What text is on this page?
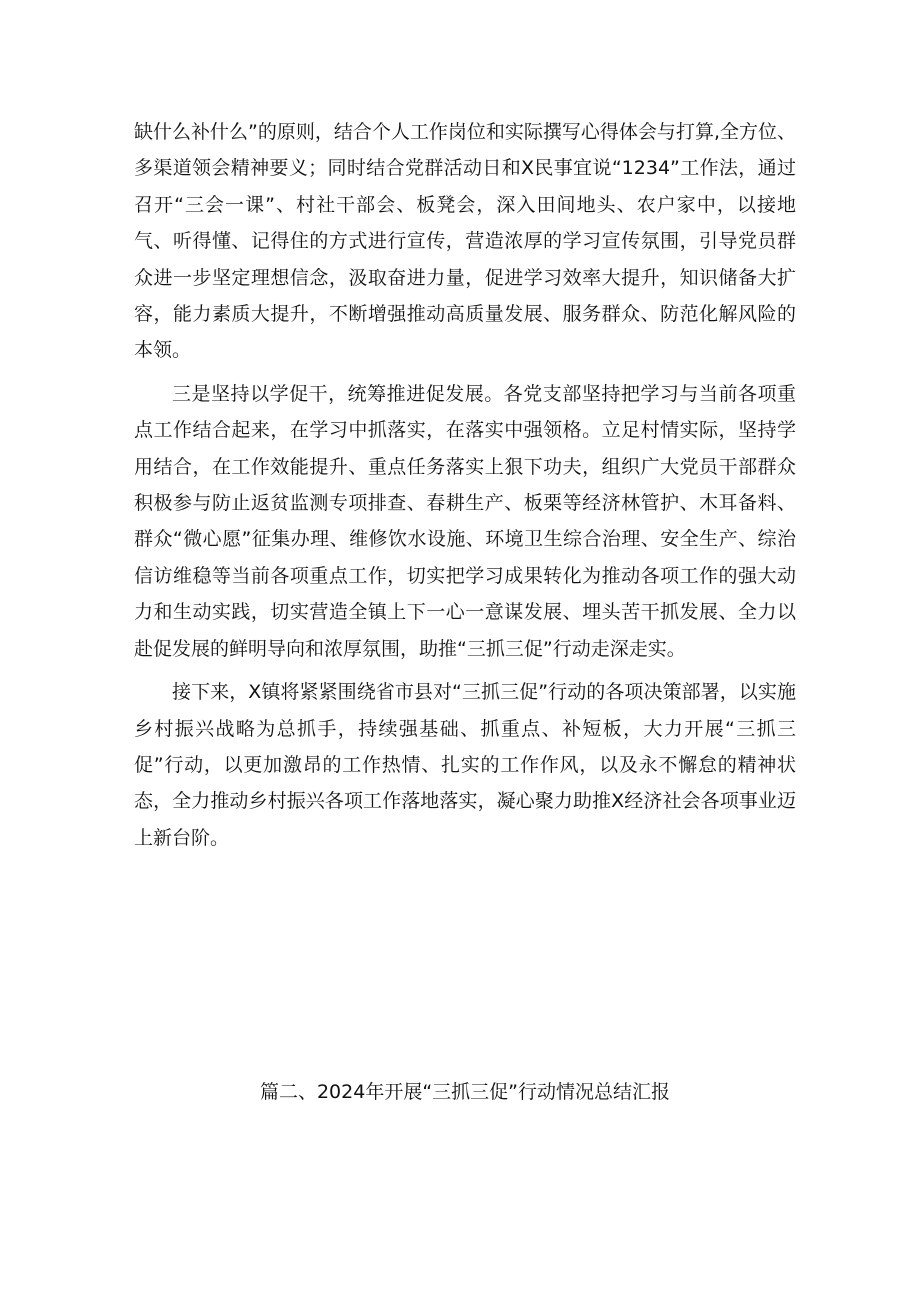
缺什么补什么”的原则，结合个人工作岗位和实际撰写心得体会与打算,全方位、多渠道领会精神要义；同时结合党群活动日和X民事宜说“1234”工作法，通过召开“三会一课”、村社干部会、板凳会，深入田间地头、农户家中，以接地气、听得懂、记得住的方式进行宣传，营造浓厚的学习宣传氛围，引导党员群众进一步坚定理想信念，汲取奋进力量，促进学习效率大提升，知识储备大扩容，能力素质大提升，不断增强推动高质量发展、服务群众、防范化解风险的本领。

三是坚持以学促干，统筹推进促发展。各党支部坚持把学习与当前各项重点工作结合起来，在学习中抓落实，在落实中强领格。立足村情实际，坚持学用结合，在工作效能提升、重点任务落实上狠下功夫，组织广大党员干部群众积极参与防止返贫监测专项排查、春耕生产、板栗等经济林管护、木耳备料、群众“微心愿”征集办理、维修饮水设施、环境卫生综合治理、安全生产、综治信访维稳等当前各项重点工作，切实把学习成果转化为推动各项工作的强大动力和生动实践，切实营造全镇上下一心一意谋发展、埋头苦干抓发展、全力以赴促发展的鲜明导向和浓厚氛围，助推“三抓三促”行动走深走实。

接下来，X镇将紧紧围绕省市县对“三抓三促”行动的各项决策部署，以实施乡村振兴战略为总抓手，持续强基础、抓重点、补短板，大力开展“三抓三促”行动，以更加激昂的工作热情、扎实的工作作风，以及永不懈怠的精神状态，全力推动乡村振兴各项工作落地落实，凝心聚力助推X经济社会各项事业迈上新台阶。

篇二、2024年开展“三抓三促”行动情况总结汇报
